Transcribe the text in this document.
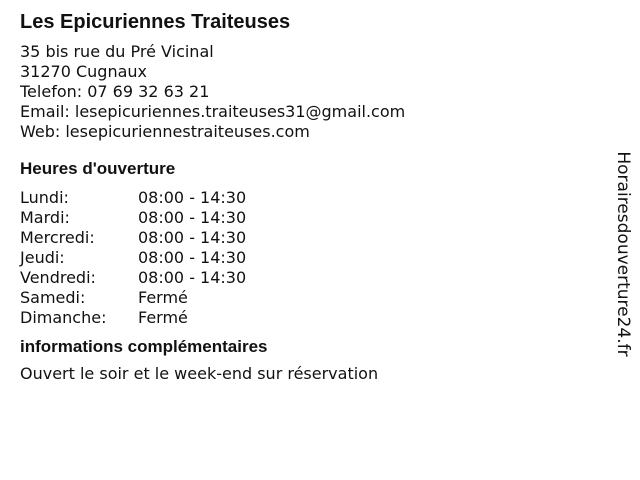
Les Epicuriennes Traiteuses
35 bis rue du Pré Vicinal
31270 Cugnaux
Telefon: 07 69 32 63 21
Email: lesepicuriennes.traiteuses31@gmail.com
Web: lesepicuriennestraiteuses.com
Heures d'ouverture
Lundi:	08:00 - 14:30
Mardi:	08:00 - 14:30
Mercredi:	08:00 - 14:30
Jeudi:	08:00 - 14:30
Vendredi:	08:00 - 14:30
Samedi:	Fermé
Dimanche:	Fermé
informations complémentaires
Ouvert le soir et le week-end sur réservation
Horairesdouverture24.fr
